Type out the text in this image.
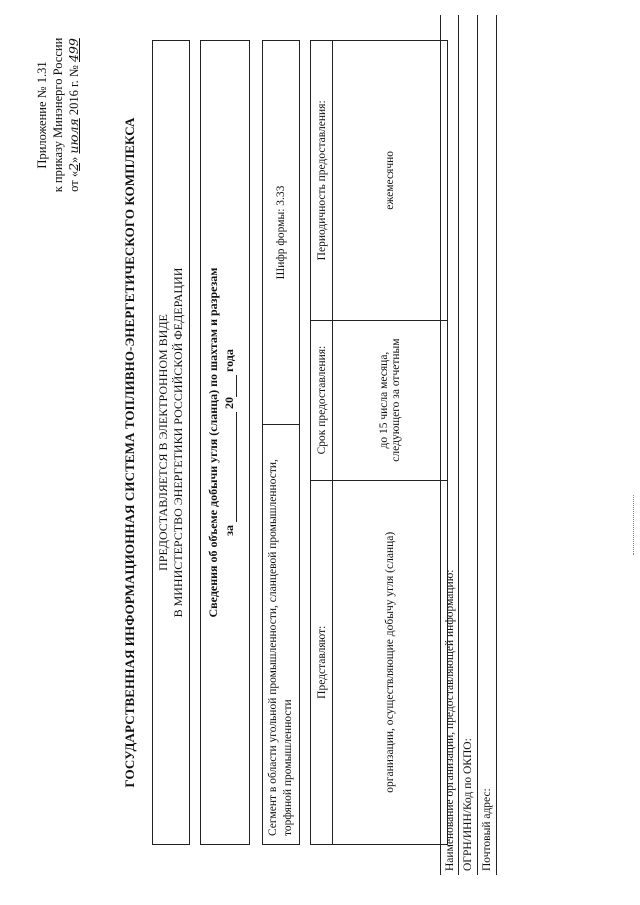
Приложение № 1.31 к приказу Минэнерго России от «2» июля 2016 г. № 499
ГОСУДАРСТВЕННАЯ ИНФОРМАЦИОННАЯ СИСТЕМА ТОПЛИВНО-ЭНЕРГЕТИЧЕСКОГО КОМПЛЕКСА ПРЕДОСТАВЛЯЕТСЯ В ЭЛЕКТРОННОМ ВИДЕ В МИНИСТЕРСТВО ЭНЕРГЕТИКИ РОССИЙСКОЙ ФЕДЕРАЦИИ Сведения об объеме добычи угля (сланца) по шахтам и разрезам за  20 года
Сегмент в области угольной промышленности, сланцевой промышленности, торфяной промышленности
Шифр формы: 3.33
Представляют:	Срок предоставления:	Периодичность предоставления:
организации, осуществляющие добычу угля (сланца)	до 15 числа месяца, следующего за отчетным	ежемесячно
Наименование организации, предоставляющей информацию: ОГРН/ИНН/Код по ОКПО: Почтовый адрес:
